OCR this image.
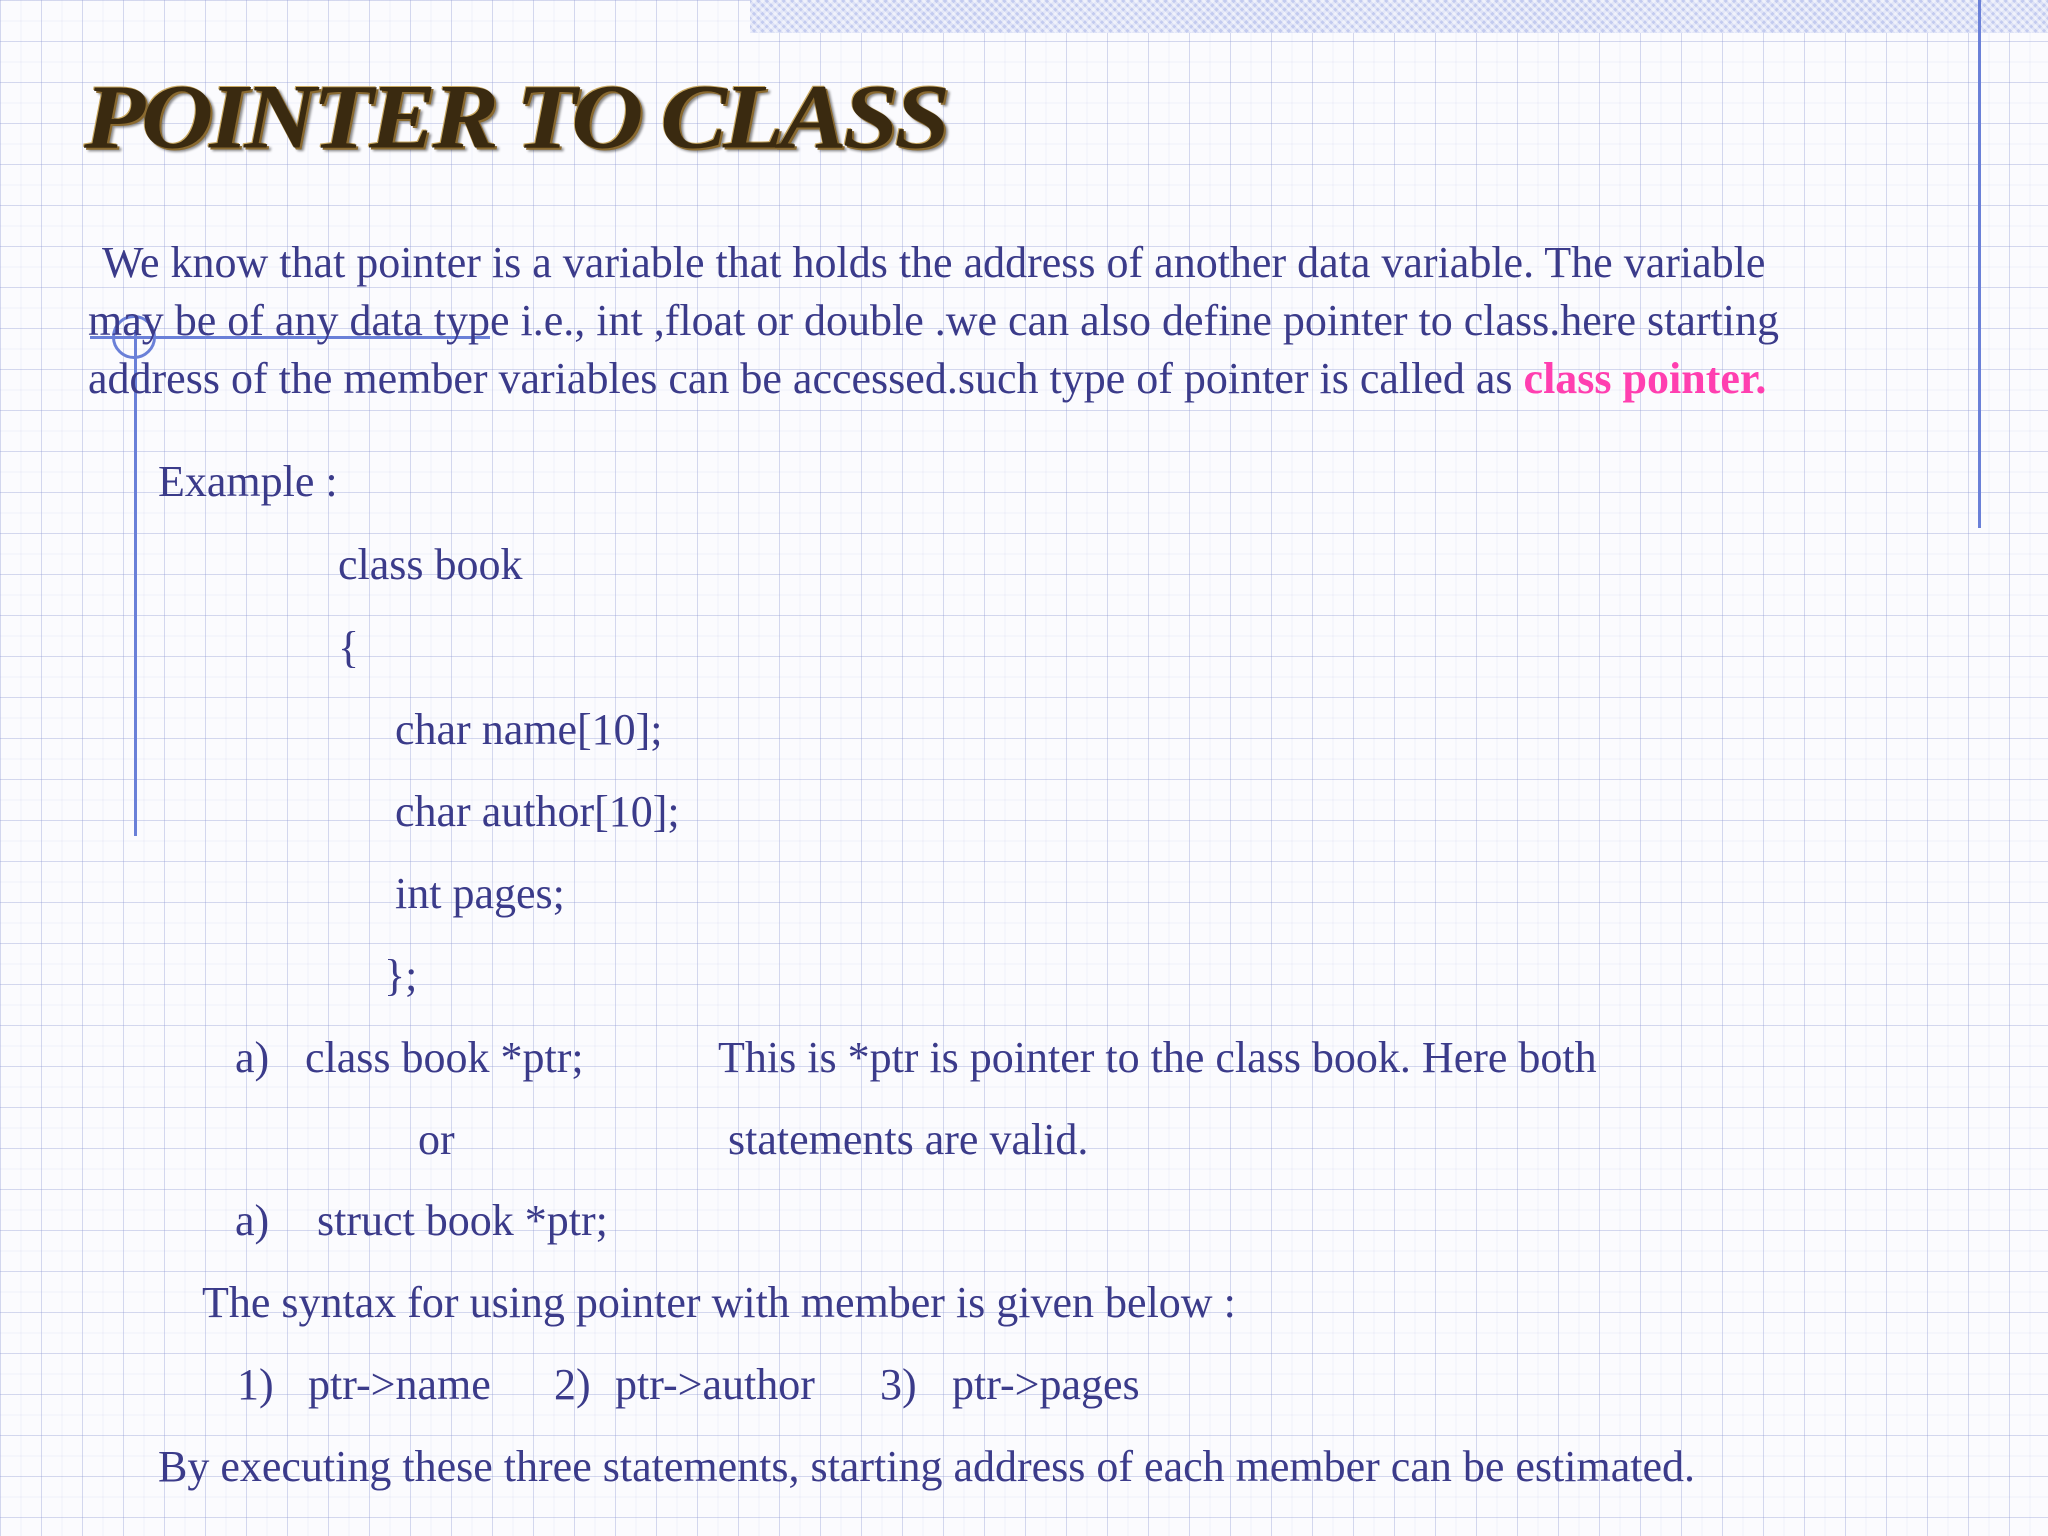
POINTER TO CLASS

We know that pointer is a variable that holds the address of another data variable. The variable
may be of any data type i.e., int ,float or double .we can also define pointer to class.here starting
address of the member variables can be accessed.such type of pointer is called as class pointer.

Example :

class book

{

char name[10];

char author[10];

int pages;

};

a) class book *ptr;	This is *ptr is pointer to the class book. Here both

or	statements are valid.

a) struct book *ptr;

The syntax for using pointer with member is given below :

1) ptr->name 2) ptr->author 3) ptr->pages

By executing these three statements, starting address of each member can be estimated.
